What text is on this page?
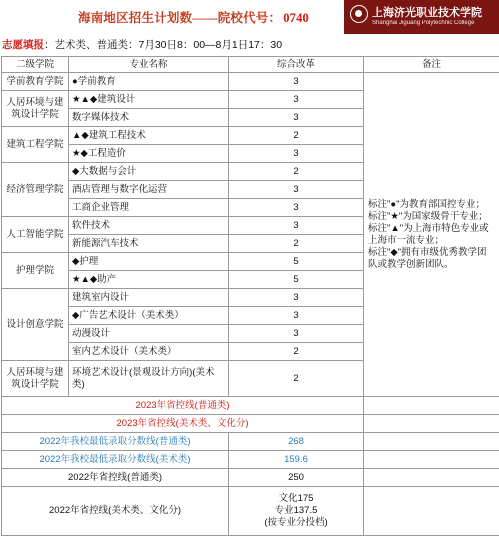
海南地区招生计划数——院校代号： 0740	上海济光职业技术学院
Shanghai Jiguang Polytechnic College
志愿填报：艺术类、普通类：7月30日8：00—8月1日17：30
二级学院	专业名称	综合改革	备注
学前教育学院	●学前教育	3	标注"●"为教育部国控专业；
标注"★"为国家级骨干专业；
标注"▲"为上海市特色专业或上海市一流专业；
标注"◆"拥有市级优秀教学团队或教学创新团队。

人居环境与建筑设计学院	★▲◆建筑设计	3	
	数字媒体技术	3	
建筑工程学院	▲◆建筑工程技术	2	
	★◆工程造价	3	
经济管理学院	◆大数据与会计	2	
	酒店管理与数字化运营	3	
	工商企业管理	3	
人工智能学院	软件技术	3	
	新能源汽车技术	2	
护理学院	◆护理	5	
	★▲◆助产	5	
设计创意学院	建筑室内设计	3	
	◆广告艺术设计（美术类）	3	
	动漫设计	3	
	室内艺术设计（美术类）	2	
人居环境与建筑设计学院	环境艺术设计(景观设计方向)(美术类)	2	
2023年省控线(普通类)			
2023年省控线(美术类、文化分)			
2022年我校最低录取分数线(普通类)		268	
2022年我校最低录取分数线(美术类)		159.6	
2022年省控线(普通类)		250	
2022年省控线(美术类、文化分)		文化175
专业137.5
(按专业分投档)	
